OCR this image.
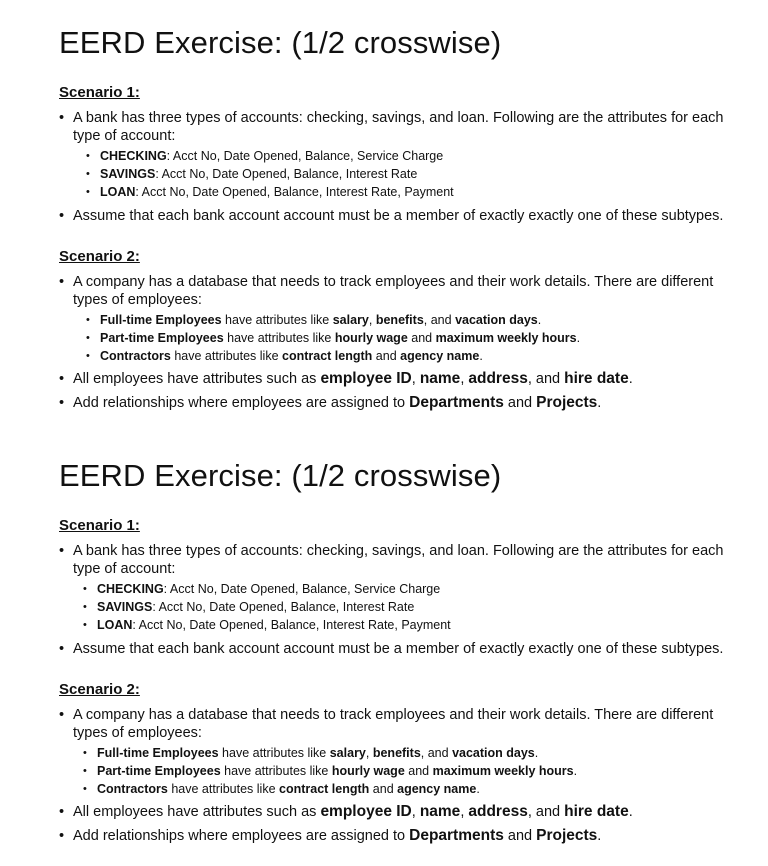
EERD Exercise: (1/2 crosswise)
Scenario 1:
• A bank has three types of accounts: checking, savings, and loan. Following are the attributes for each type of account:
• CHECKING: Acct No, Date Opened, Balance, Service Charge
• SAVINGS: Acct No, Date Opened, Balance, Interest Rate
• LOAN: Acct No, Date Opened, Balance, Interest Rate, Payment
• Assume that each bank account account must be a member of exactly exactly one of these subtypes.
Scenario 2:
• A company has a database that needs to track employees and their work details. There are different types of employees:
• Full-time Employees have attributes like salary, benefits, and vacation days.
• Part-time Employees have attributes like hourly wage and maximum weekly hours.
• Contractors have attributes like contract length and agency name.
• All employees have attributes such as employee ID, name, address, and hire date.
• Add relationships where employees are assigned to Departments and Projects.
EERD Exercise: (1/2 crosswise)
Scenario 1:
• A bank has three types of accounts: checking, savings, and loan. Following are the attributes for each type of account:
• CHECKING: Acct No, Date Opened, Balance, Service Charge
• SAVINGS: Acct No, Date Opened, Balance, Interest Rate
• LOAN: Acct No, Date Opened, Balance, Interest Rate, Payment
• Assume that each bank account account must be a member of exactly exactly one of these subtypes.
Scenario 2:
• A company has a database that needs to track employees and their work details. There are different types of employees:
• Full-time Employees have attributes like salary, benefits, and vacation days.
• Part-time Employees have attributes like hourly wage and maximum weekly hours.
• Contractors have attributes like contract length and agency name.
• All employees have attributes such as employee ID, name, address, and hire date.
• Add relationships where employees are assigned to Departments and Projects.
